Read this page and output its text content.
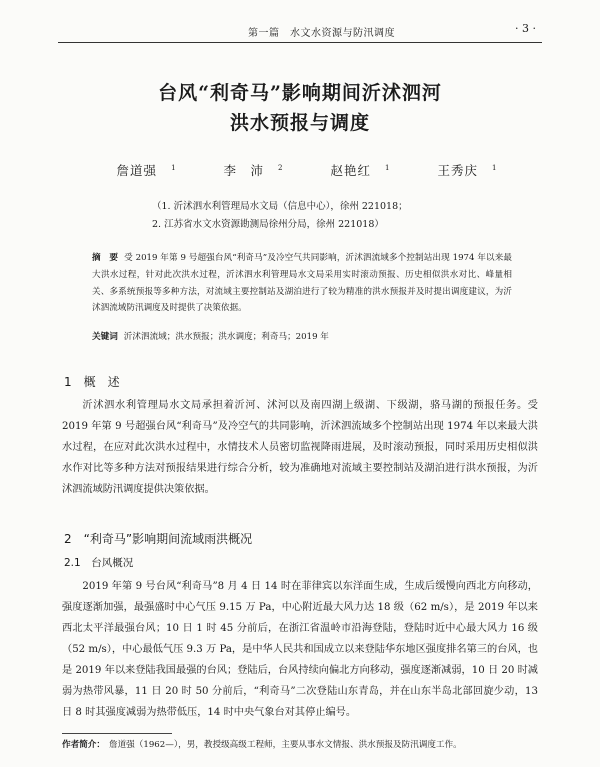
第一篇　水文水资源与防汛调度	· 3 ·
台风“利奇马”影响期间沂沭泗河
洪水预报与调度
詹道强 $^1$	李　沛 $^2$	赵艳红 $^1$	王秀庆 $^1$
（1. 沂沭泗水利管理局水文局（信息中心），徐州 221018；
2. 江苏省水文水资源勘测局徐州分局，徐州 221018）
摘　要 受 2019 年第 9 号超强台风“利奇马”及冷空气共同影响，沂沭泗流域多个控制站出现 1974 年以来最大洪水过程，针对此次洪水过程，沂沭泗水利管理局水文局采用实时滚动预报、历史相似洪水对比、峰量相关、多系统预报等多种方法，对流域主要控制站及湖泊进行了较为精准的洪水预报并及时提出调度建议，为沂沭泗流域防汛调度及时提供了决策依据。
关键词 沂沭泗流域；洪水预报；洪水调度；利奇马；2019 年
1　概　述

沂沭泗水利管理局水文局承担着沂河、沭河以及南四湖上级湖、下级湖，骆马湖的预报任务。受 2019 年第 9 号超强台风“利奇马”及冷空气的共同影响，沂沭泗流域多个控制站出现 1974 年以来最大洪水过程，在应对此次洪水过程中，水情技术人员密切监视降雨进展，及时滚动预报，同时采用历史相似洪水作对比等多种方法对预报结果进行综合分析，较为准确地对流域主要控制站及湖泊进行洪水预报，为沂沭泗流域防汛调度提供决策依据。

2　“利奇马”影响期间流域雨洪概况
2.1　台风概况

2019 年第 9 号台风“利奇马”8 月 4 日 14 时在菲律宾以东洋面生成，生成后缓慢向西北方向移动，强度逐渐加强，最强盛时中心气压 9.15 万 Pa，中心附近最大风力达 18 级（62 m/s），是 2019 年以来西北太平洋最强台风；10 日 1 时 45 分前后，在浙江省温岭市沿海登陆，登陆时近中心最大风力 16 级（52 m/s），中心最低气压 9.3 万 Pa，是中华人民共和国成立以来登陆华东地区强度排名第三的台风，也是 2019 年以来登陆我国最强的台风；登陆后，台风持续向偏北方向移动，强度逐渐减弱，10 日 20 时减弱为热带风暴，11 日 20 时 50 分前后，“利奇马”二次登陆山东青岛，并在山东半岛北部回旋少动，13 日 8 时其强度减弱为热带低压，14 时中央气象台对其停止编号。

作者简介： 詹道强（1962—），男，教授级高级工程师，主要从事水文情报、洪水预报及防汛调度工作。
